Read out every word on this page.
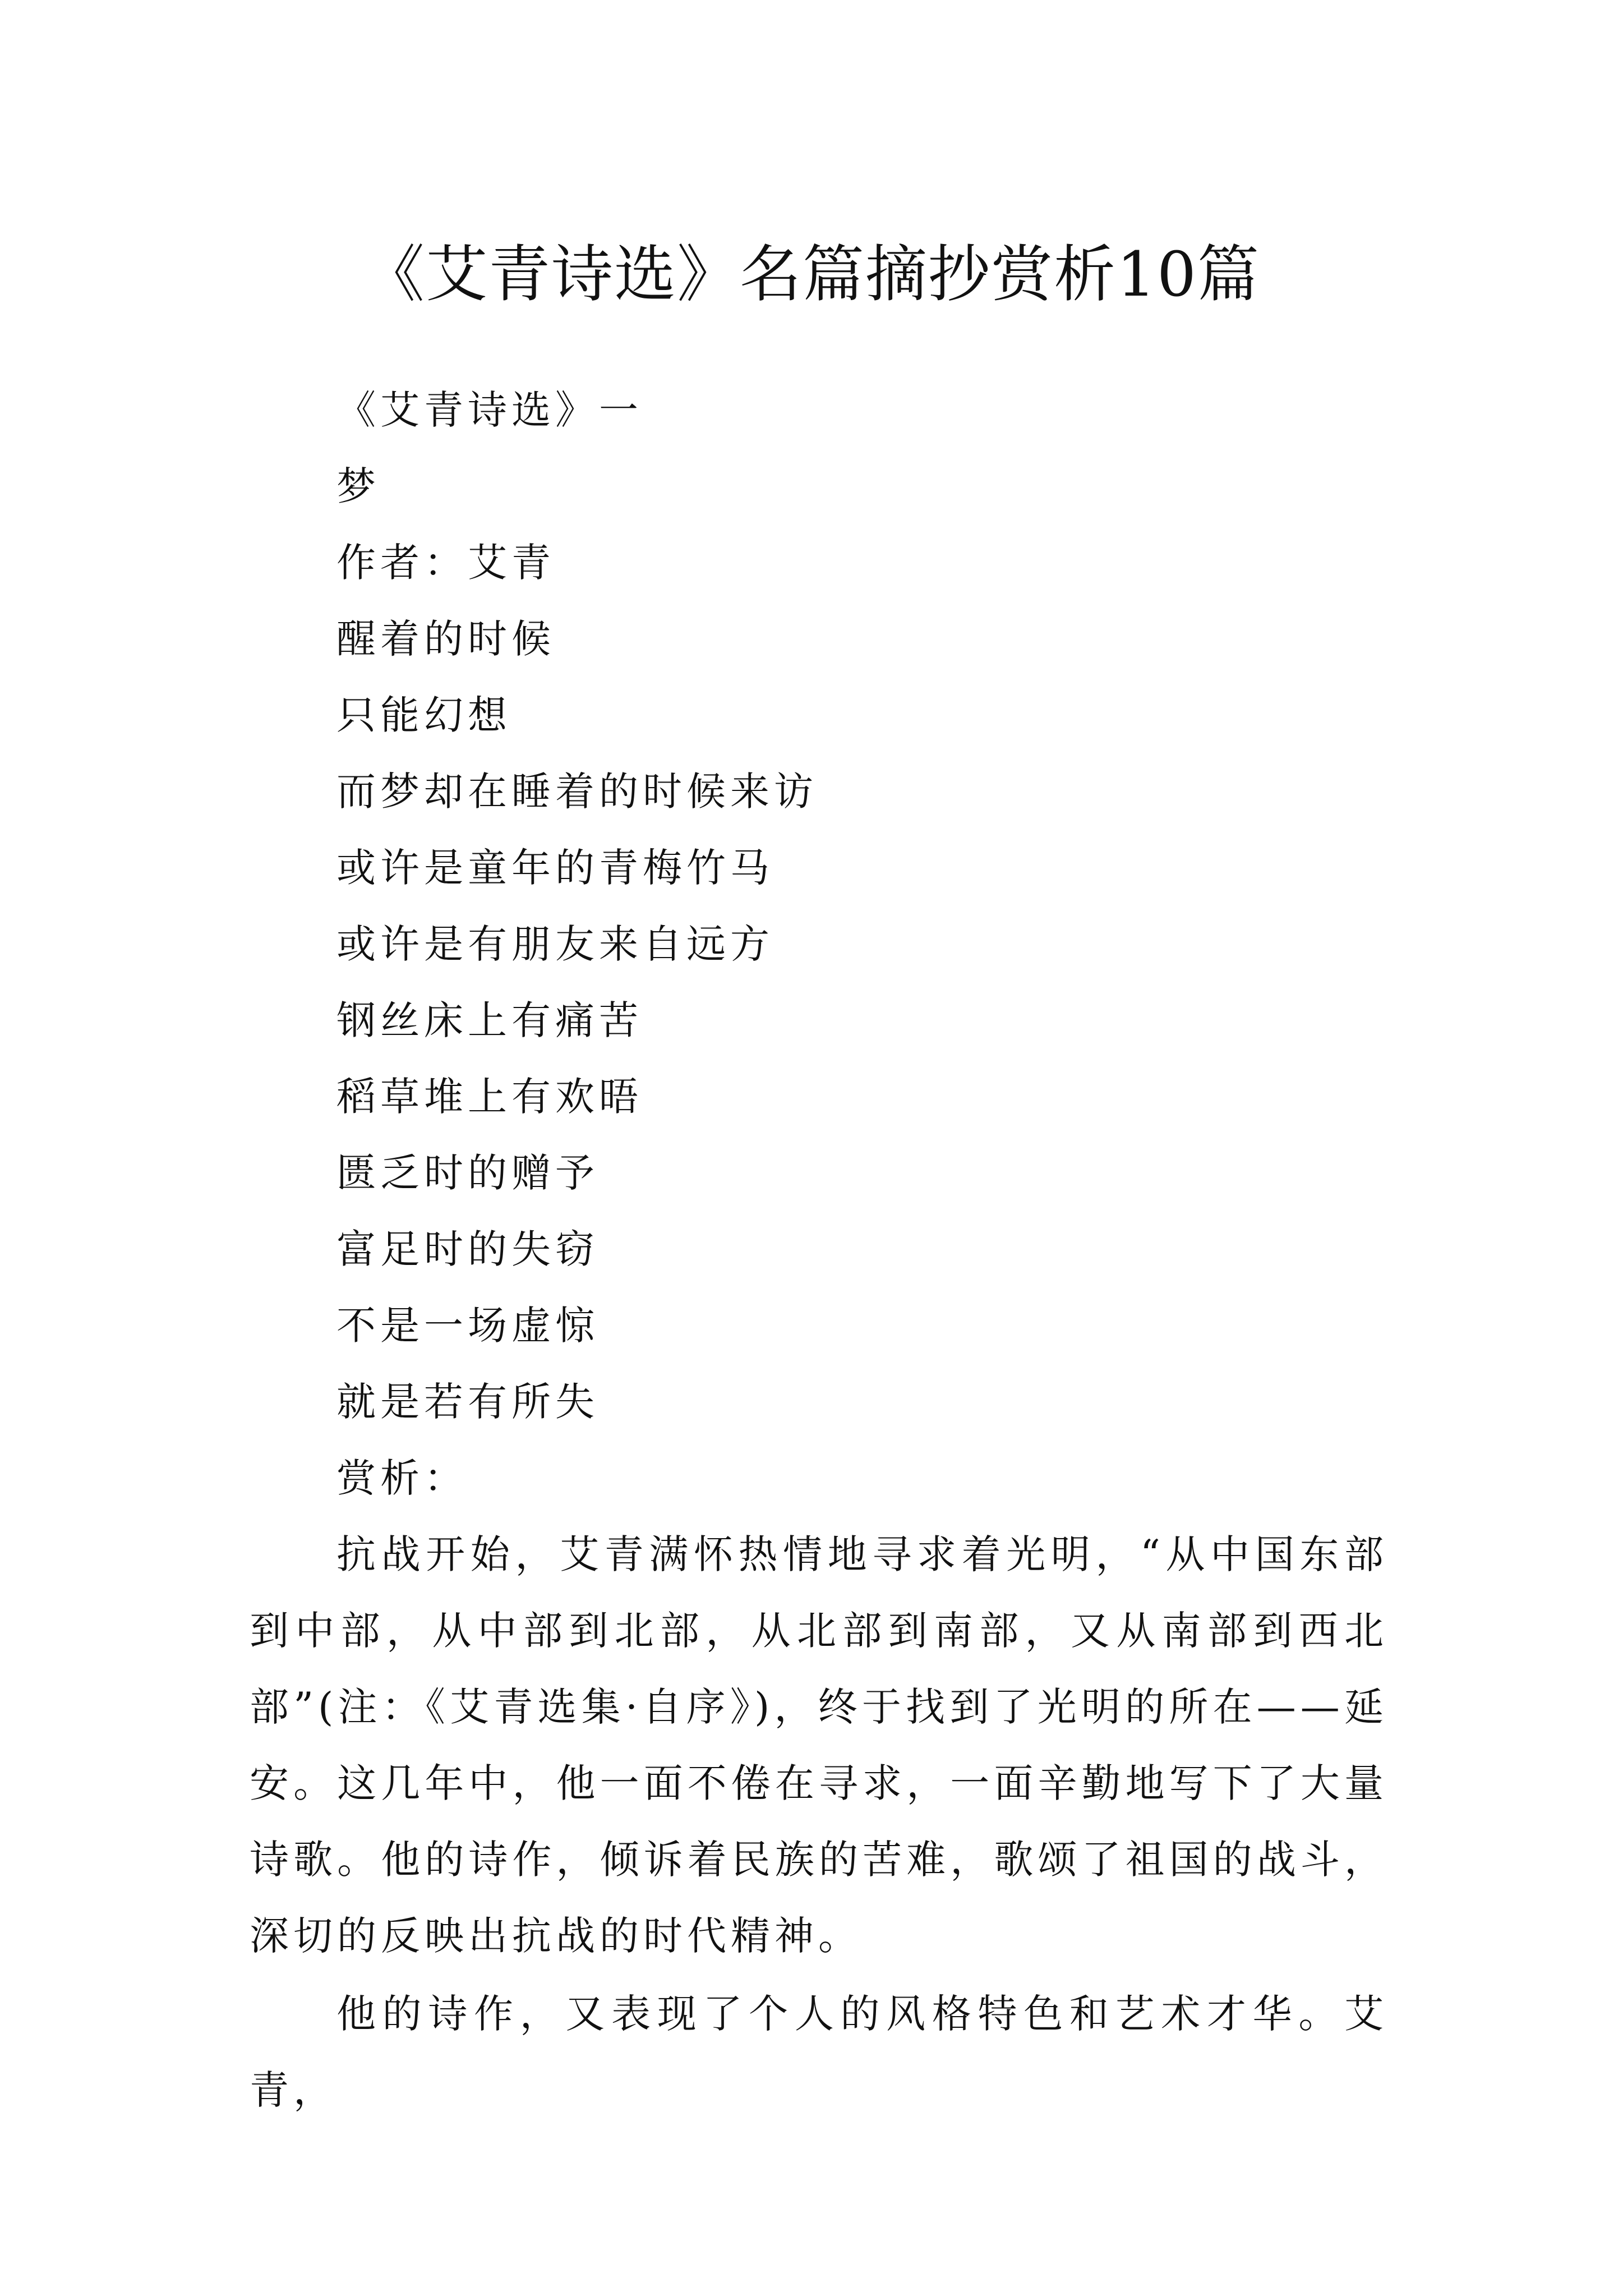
《艾青诗选》名篇摘抄赏析10篇
《艾青诗选》一
梦
作者：艾青
醒着的时候
只能幻想
而梦却在睡着的时候来访
或许是童年的青梅竹马
或许是有朋友来自远方
钢丝床上有痛苦
稻草堆上有欢晤
匮乏时的赠予
富足时的失窃
不是一场虚惊
就是若有所失
赏析：

抗战开始，艾青满怀热情地寻求着光明，“从中国东部到中部，从中部到北部，从北部到南部，又从南部到西北部”(注：《艾青选集·自序》)，终于找到了光明的所在——延安。这几年中，他一面不倦在寻求，一面辛勤地写下了大量诗歌。他的诗作，倾诉着民族的苦难，歌颂了祖国的战斗，深切的反映出抗战的时代精神。

他的诗作，又表现了个人的风格特色和艺术才华。艾青，
